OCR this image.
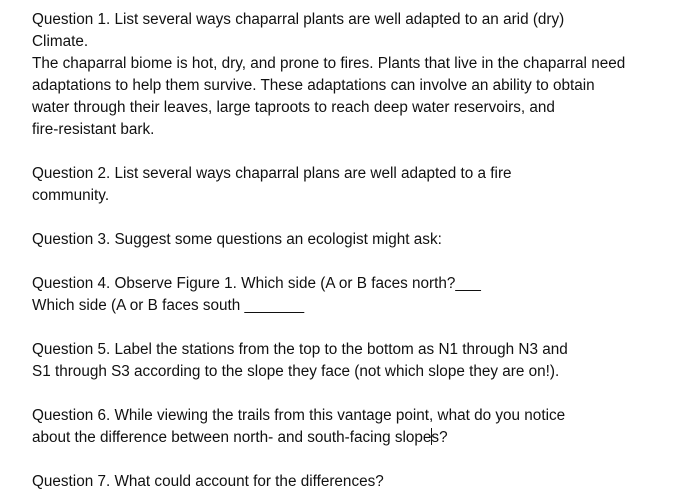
Question 1. List several ways chaparral plants are well adapted to an arid (dry)
Climate.
The chaparral biome is hot, dry, and prone to fires. Plants that live in the chaparral need
adaptations to help them survive. These adaptations can involve an ability to obtain
water through their leaves, large taproots to reach deep water reservoirs, and
fire-resistant bark.
Question 2. List several ways chaparral plans are well adapted to a fire
community.
Question 3. Suggest some questions an ecologist might ask:
Question 4. Observe Figure 1. Which side (A or B faces north?___
Which side (A or B faces south _______
Question 5. Label the stations from the top to the bottom as N1 through N3 and
S1 through S3 according to the slope they face (not which slope they are on!).
Question 6. While viewing the trails from this vantage point, what do you notice
about the difference between north- and south-facing slopes?
Question 7. What could account for the differences?
